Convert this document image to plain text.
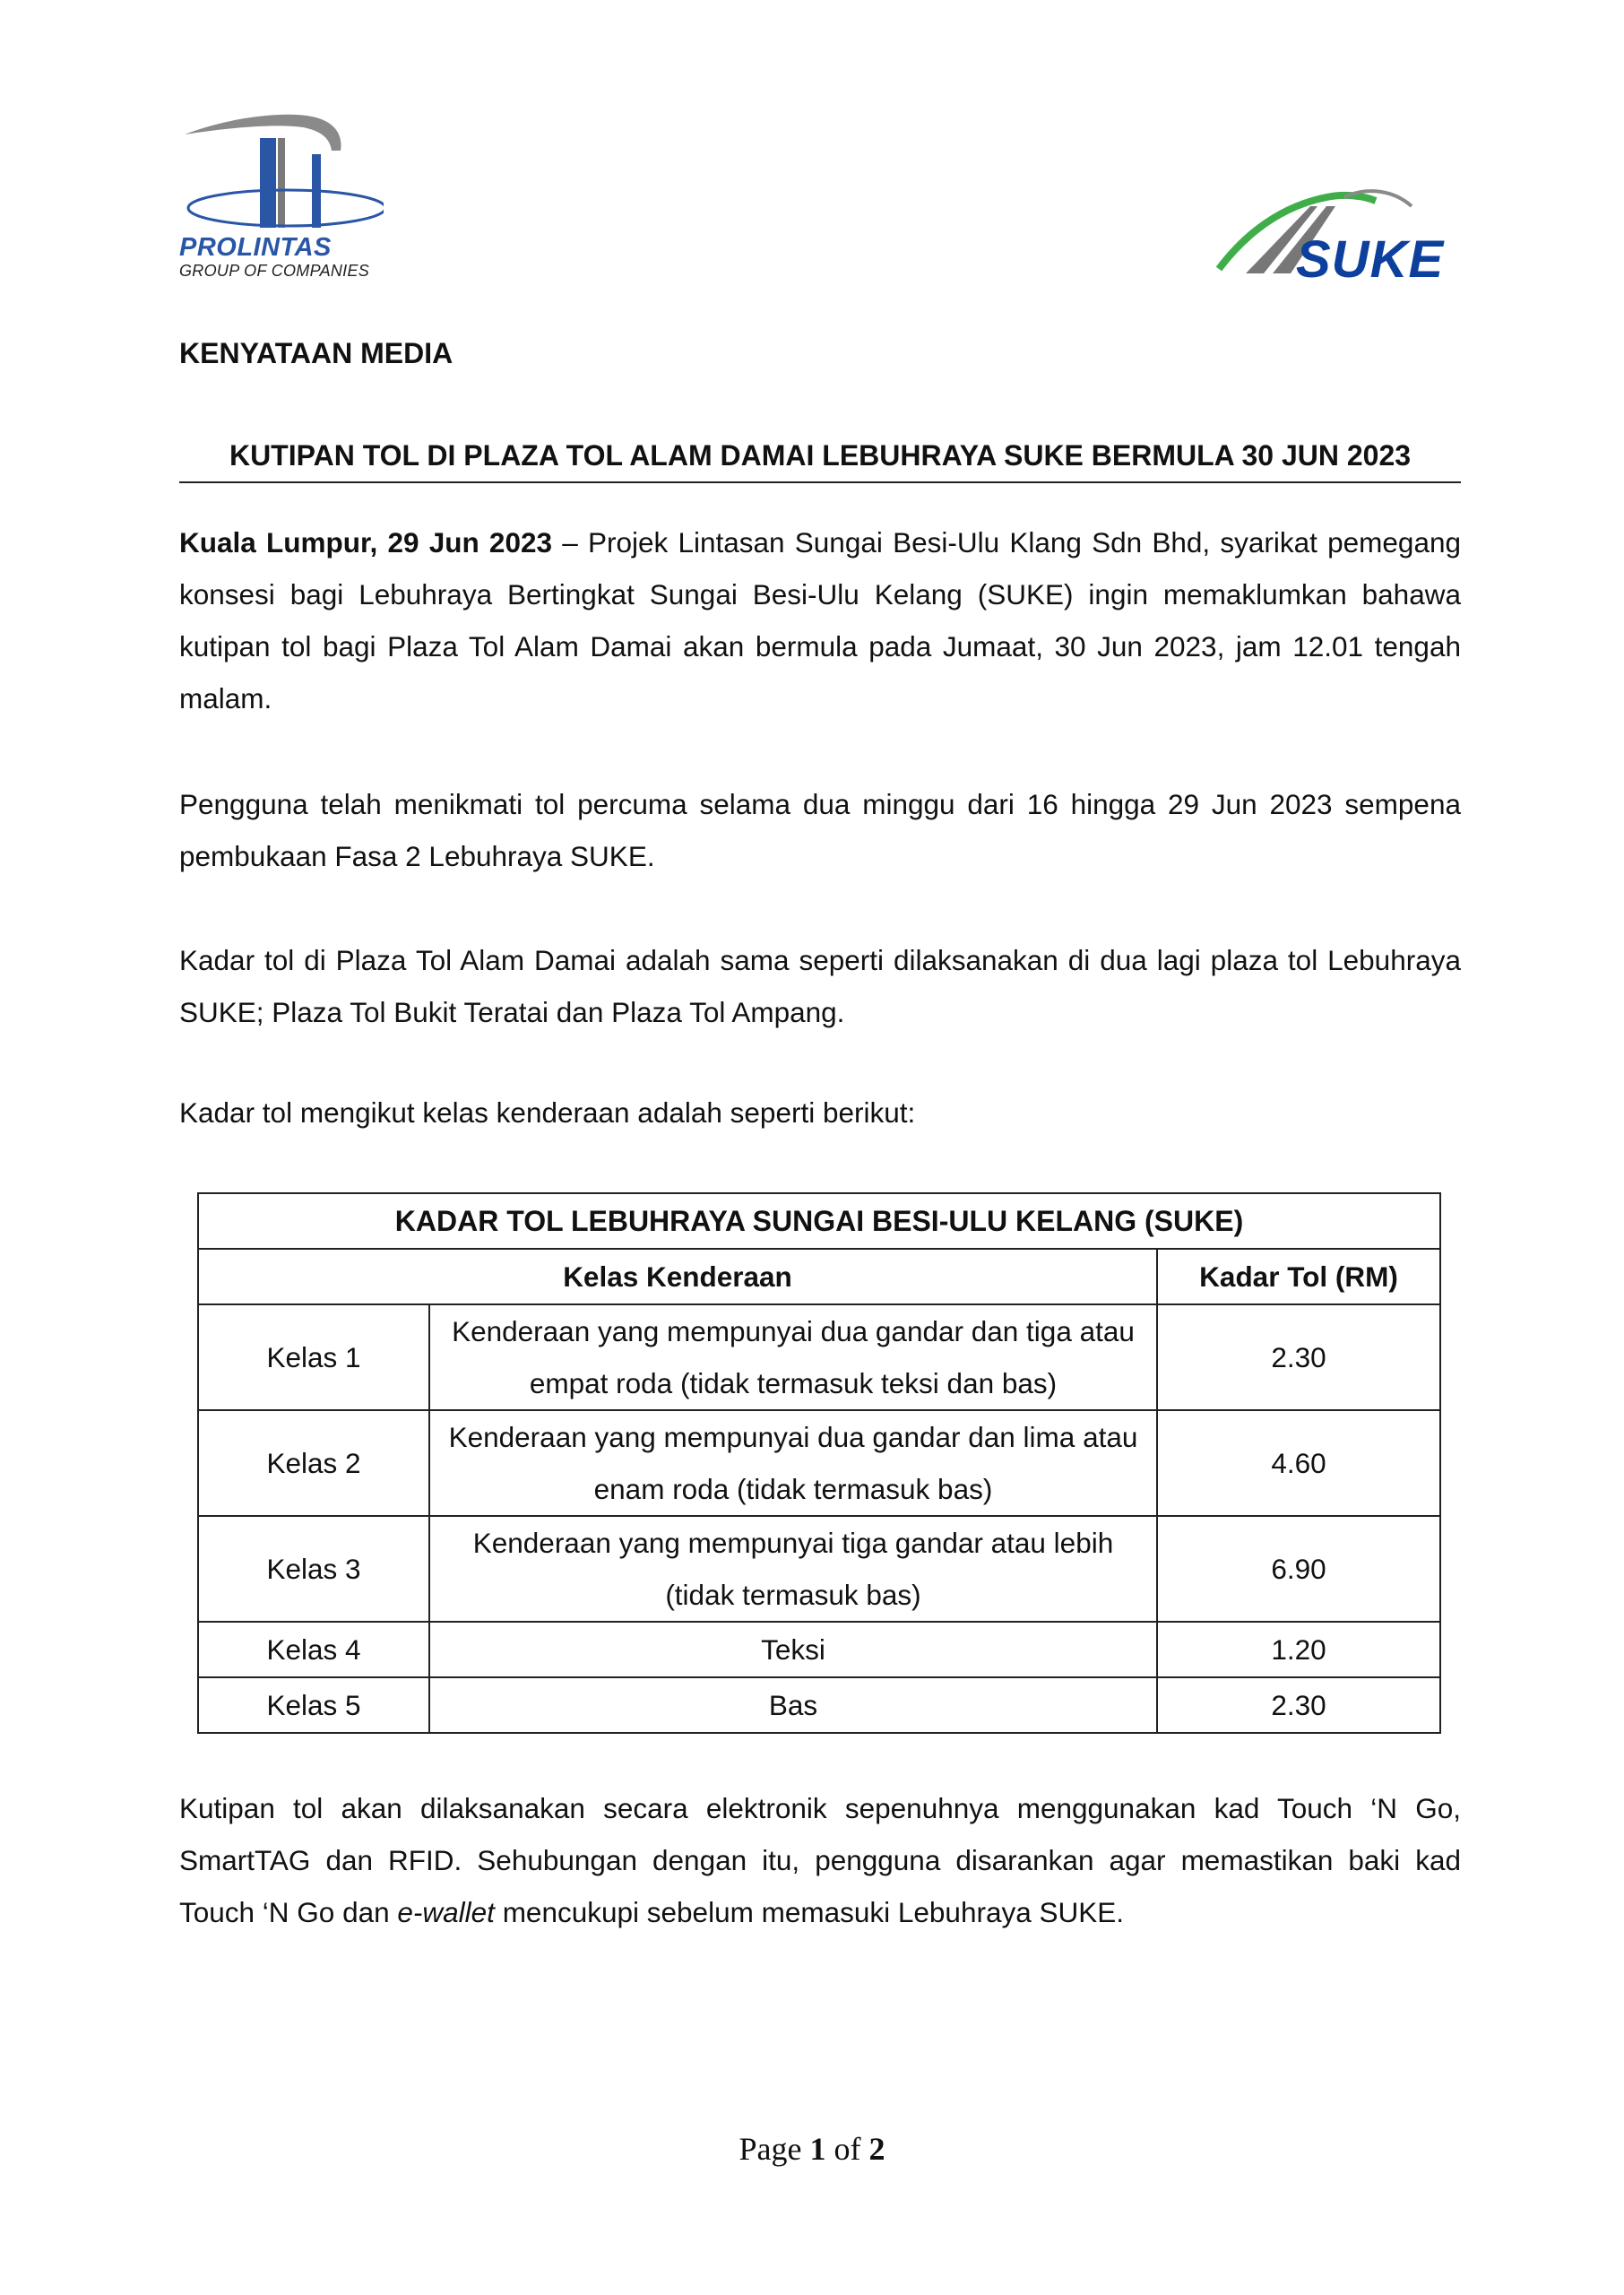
PROLINTAS
GROUP OF COMPANIES	SUKE
KENYATAAN MEDIA
KUTIPAN TOL DI PLAZA TOL ALAM DAMAI LEBUHRAYA SUKE BERMULA 30 JUN 2023
Kuala Lumpur, 29 Jun 2023 – Projek Lintasan Sungai Besi-Ulu Klang Sdn Bhd, syarikat pemegang konsesi bagi Lebuhraya Bertingkat Sungai Besi-Ulu Kelang (SUKE) ingin memaklumkan bahawa kutipan tol bagi Plaza Tol Alam Damai akan bermula pada Jumaat, 30 Jun 2023, jam 12.01 tengah malam.
Pengguna telah menikmati tol percuma selama dua minggu dari 16 hingga 29 Jun 2023 sempena pembukaan Fasa 2 Lebuhraya SUKE.
Kadar tol di Plaza Tol Alam Damai adalah sama seperti dilaksanakan di dua lagi plaza tol Lebuhraya SUKE; Plaza Tol Bukit Teratai dan Plaza Tol Ampang.
Kadar tol mengikut kelas kenderaan adalah seperti berikut:
KADAR TOL LEBUHRAYA SUNGAI BESI-ULU KELANG (SUKE)		
Kelas Kenderaan		Kadar Tol (RM)
Kelas 1	Kenderaan yang mempunyai dua gandar dan tiga atau empat roda (tidak termasuk teksi dan bas)	2.30
Kelas 2	Kenderaan yang mempunyai dua gandar dan lima atau enam roda (tidak termasuk bas)	4.60
Kelas 3	Kenderaan yang mempunyai tiga gandar atau lebih (tidak termasuk bas)	6.90
Kelas 4	Teksi	1.20
Kelas 5	Bas	2.30
Kutipan tol akan dilaksanakan secara elektronik sepenuhnya menggunakan kad Touch ‘N Go, SmartTAG dan RFID. Sehubungan dengan itu, pengguna disarankan agar memastikan baki kad Touch ‘N Go dan e-wallet mencukupi sebelum memasuki Lebuhraya SUKE.
Page 1 of 2
